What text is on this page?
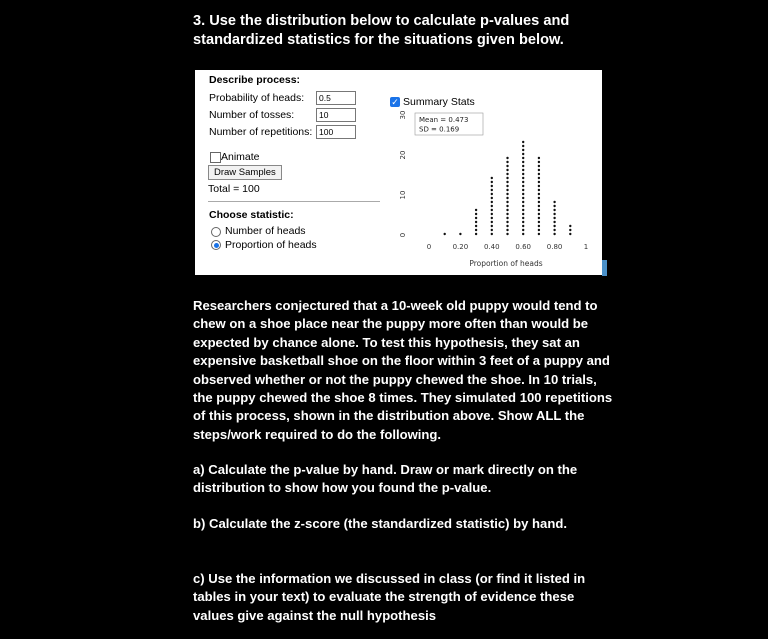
3. Use the distribution below to calculate p-values and standardized statistics for the situations given below.
Describe process:
Probability of heads:	0.5
Number of tosses:	10
Number of repetitions: 100
Animate
Draw Samples
Total = 100
Choose statistic:
Number of heads
Proportion of heads
✓ Summary Stats
Mean = 0.473
SD = 0.169
0
10
20
30
0	0.20 0.40 0.60 0.80	1
Proportion of heads
Researchers conjectured that a 10-week old puppy would tend to chew on a shoe place near the puppy more often than would be expected by chance alone. To test this hypothesis, they sat an expensive basketball shoe on the floor within 3 feet of a puppy and observed whether or not the puppy chewed the shoe. In 10 trials, the puppy chewed the shoe 8 times. They simulated 100 repetitions of this process, shown in the distribution above. Show ALL the steps/work required to do the following.
a) Calculate the p-value by hand. Draw or mark directly on the distribution to show how you found the p-value.
b) Calculate the z-score (the standardized statistic) by hand.
c) Use the information we discussed in class (or find it listed in tables in your text) to evaluate the strength of evidence these values give against the null hypothesis
